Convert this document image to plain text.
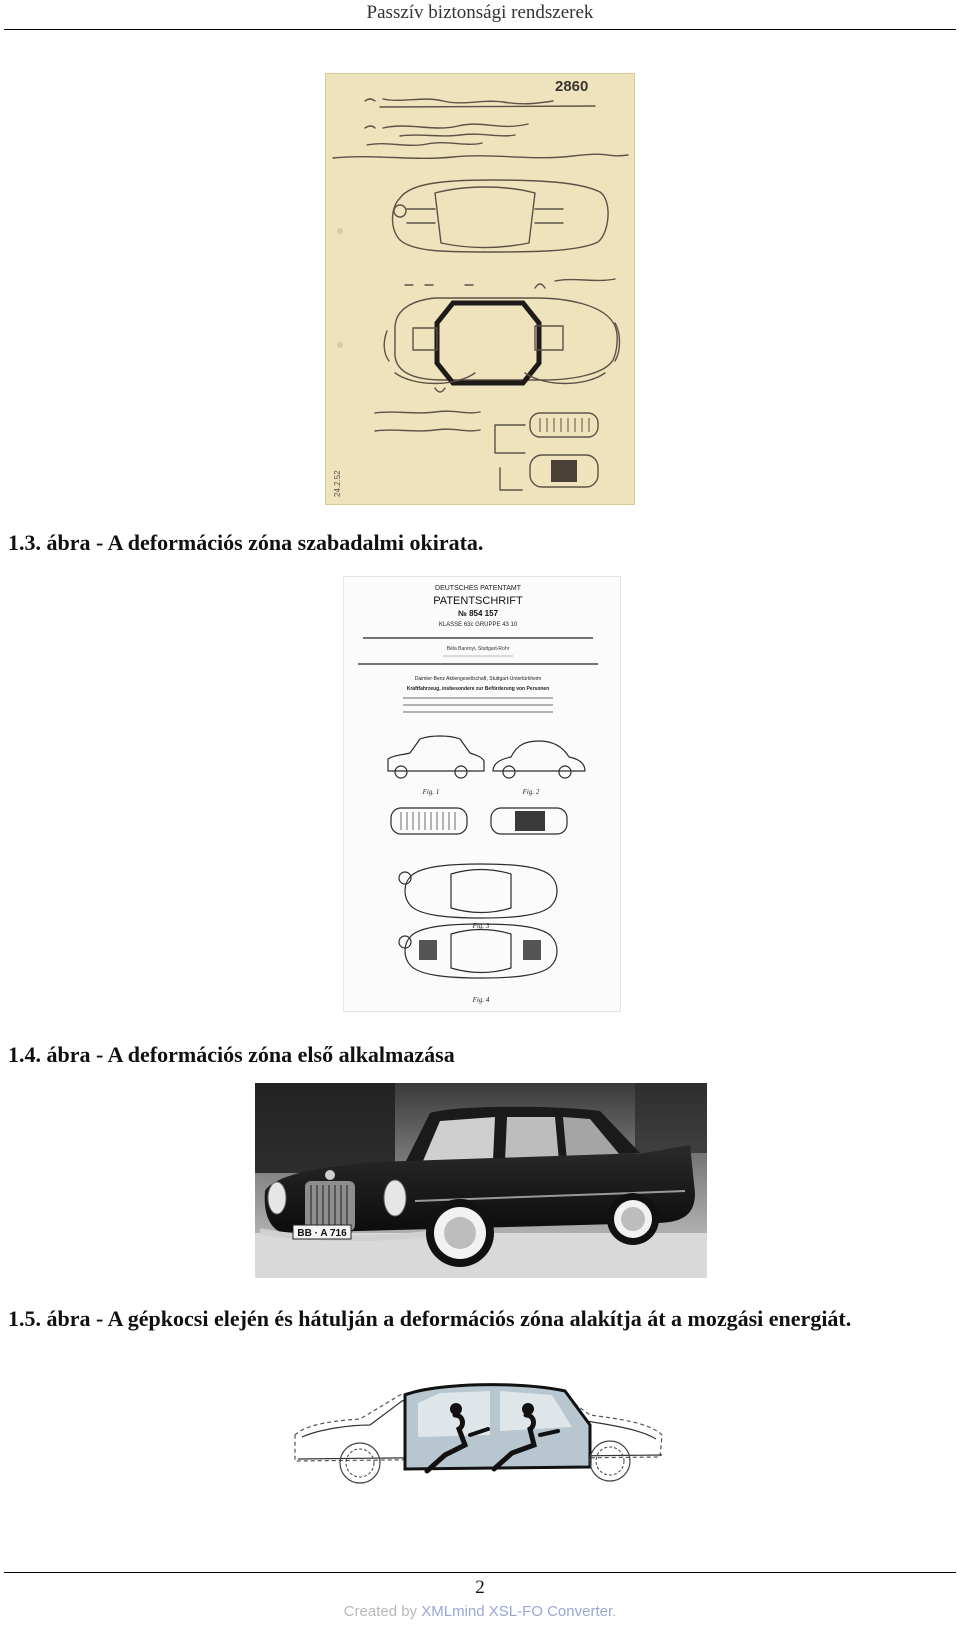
Passzív biztonsági rendszerek
2860
24.2.52
1.3. ábra - A deformációs zóna szabadalmi okirata.
DEUTSCHES PATENTAMT
PATENTSCHRIFT
№ 854 157
KLASSE 63c GRUPPE 43 10
Béla Barényi, Stuttgart-Rohr
Daimler-Benz Aktiengesellschaft, Stuttgart-Untertürkheim
Kraftfahrzeug, insbesondere zur Beförderung von Personen
Fig. 1	Fig. 2
Fig. 3
Fig. 4
1.4. ábra - A deformációs zóna első alkalmazása
BB · A 716
1.5. ábra - A gépkocsi elején és hátulján a deformációs zóna alakítja át a mozgási energiát.
2
Created by XMLmind XSL-FO Converter.
